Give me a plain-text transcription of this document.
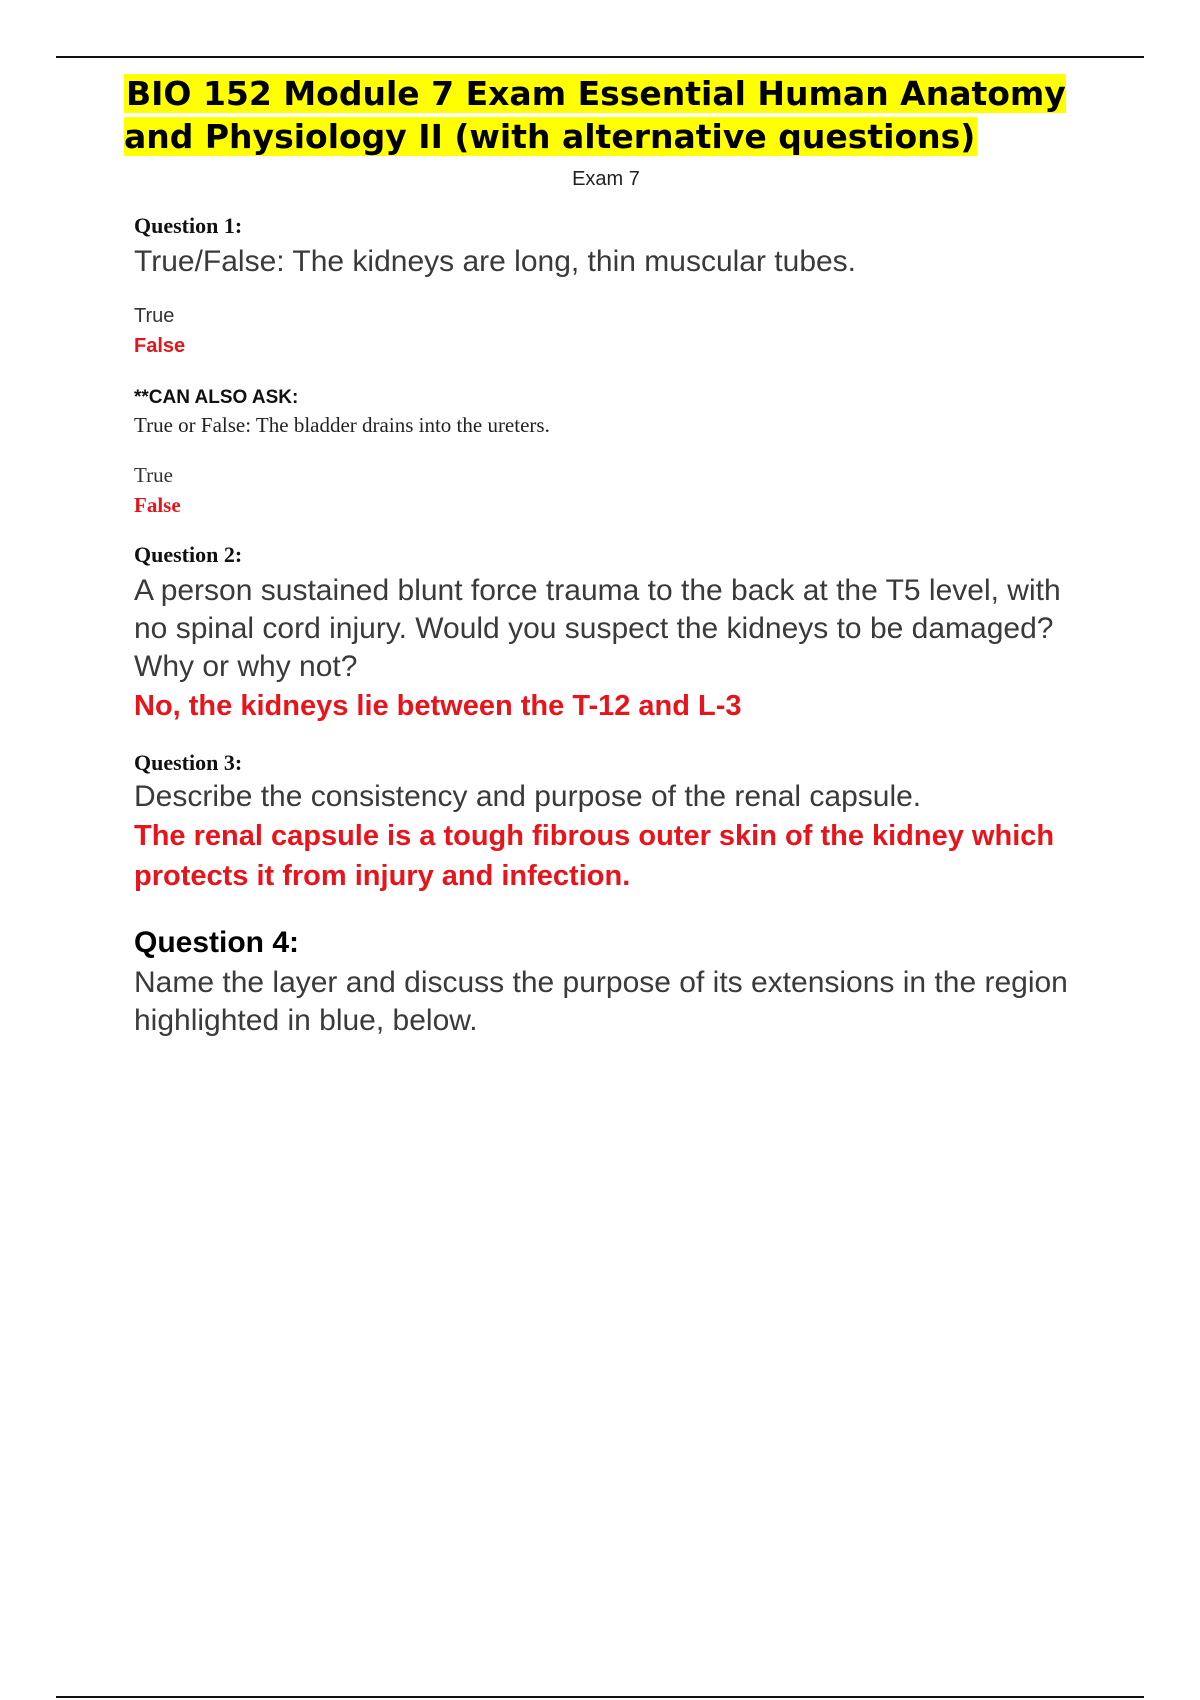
BIO 152 Module 7 Exam Essential Human Anatomy and Physiology II (with alternative questions)
Exam 7
Question 1:
True/False: The kidneys are long, thin muscular tubes.
True
False
**CAN ALSO ASK:
True or False: The bladder drains into the ureters.
True
False
Question 2:
A person sustained blunt force trauma to the back at the T5 level, with no spinal cord injury. Would you suspect the kidneys to be damaged? Why or why not?
No, the kidneys lie between the T-12 and L-3
Question 3:
Describe the consistency and purpose of the renal capsule.
The renal capsule is a tough fibrous outer skin of the kidney which protects it from injury and infection.
Question 4:
Name the layer and discuss the purpose of its extensions in the region highlighted in blue, below.
